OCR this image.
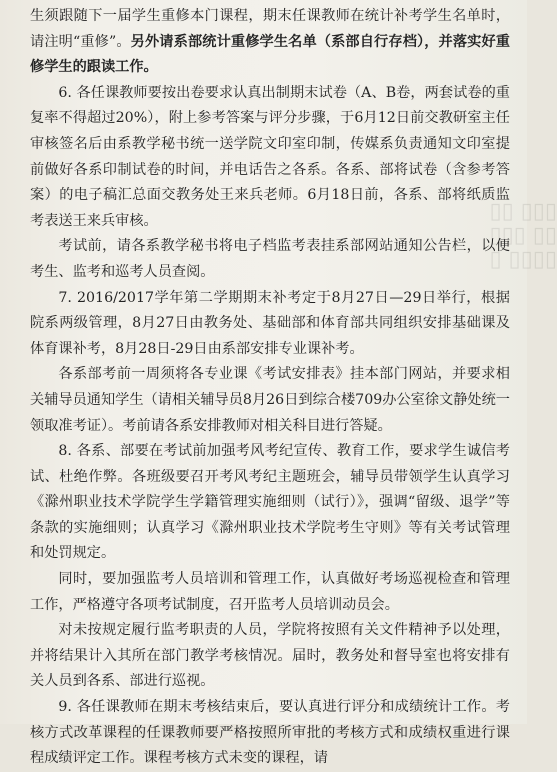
▯▯▯ ▯▯
▯▯ ▯▯▯
▯▯▯▯ ▯

生须跟随下一届学生重修本门课程，期末任课教师在统计补考学生名单时，请注明“重修”。另外请系部统计重修学生名单（系部自行存档），并落实好重修学生的跟读工作。

6. 各任课教师要按出卷要求认真出制期末试卷（A、B卷，两套试卷的重复率不得超过20%），附上参考答案与评分步骤，于6月12日前交教研室主任审核签名后由系教学秘书统一送学院文印室印制，传媒系负责通知文印室提前做好各系印制试卷的时间，并电话告之各系。各系、部将试卷（含参考答案）的电子稿汇总面交教务处王来兵老师。6月18日前，各系、部将纸质监考表送王来兵审核。

考试前，请各系教学秘书将电子档监考表挂系部网站通知公告栏，以便考生、监考和巡考人员查阅。

7. 2016/2017学年第二学期期末补考定于8月27日—29日举行，根据院系两级管理，8月27日由教务处、基础部和体育部共同组织安排基础课及体育课补考，8月28日-29日由系部安排专业课补考。

各系部考前一周须将各专业课《考试安排表》挂本部门网站，并要求相关辅导员通知学生（请相关辅导员8月26日到综合楼709办公室徐文静处统一领取准考证）。考前请各系安排教师对相关科目进行答疑。

8. 各系、部要在考试前加强考风考纪宣传、教育工作，要求学生诚信考试、杜绝作弊。各班级要召开考风考纪主题班会，辅导员带领学生认真学习《滁州职业技术学院学生学籍管理实施细则（试行）》，强调“留级、退学”等条款的实施细则；认真学习《滁州职业技术学院考生守则》等有关考试管理和处罚规定。

同时，要加强监考人员培训和管理工作，认真做好考场巡视检查和管理工作，严格遵守各项考试制度，召开监考人员培训动员会。

对未按规定履行监考职责的人员，学院将按照有关文件精神予以处理，并将结果计入其所在部门教学考核情况。届时，教务处和督导室也将安排有关人员到各系、部进行巡视。

9. 各任课教师在期末考核结束后，要认真进行评分和成绩统计工作。考核方式改革课程的任课教师要严格按照所审批的考核方式和成绩权重进行课程成绩评定工作。课程考核方式未变的课程，请
